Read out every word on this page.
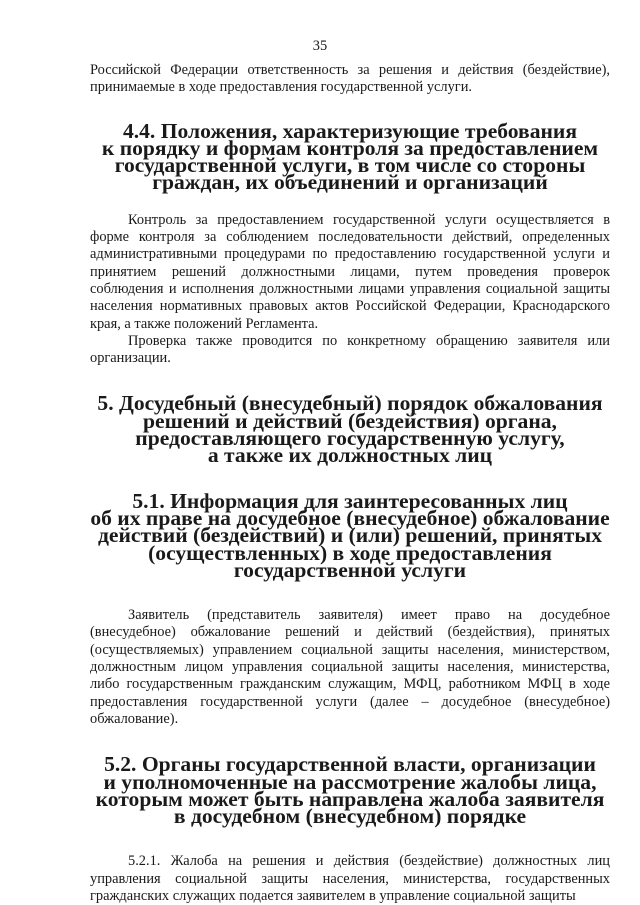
35

Российской Федерации ответственность за решения и действия (бездействие), принимаемые в ходе предоставления государственной услуги.

4.4. Положения, характеризующие требования
к порядку и формам контроля за предоставлением
государственной услуги, в том числе со стороны
граждан, их объединений и организаций

Контроль за предоставлением государственной услуги осуществляется в форме контроля за соблюдением последовательности действий, определенных административными процедурами по предоставлению государственной услуги и принятием решений должностными лицами, путем проведения проверок соблюдения и исполнения должностными лицами управления социальной защиты населения нормативных правовых актов Российской Федерации, Краснодарского края, а также положений Регламента.

Проверка также проводится по конкретному обращению заявителя или организации.

5. Досудебный (внесудебный) порядок обжалования
решений и действий (бездействия) органа,
предоставляющего государственную услугу,
а также их должностных лиц
5.1. Информация для заинтересованных лиц
об их праве на досудебное (внесудебное) обжалование
действий (бездействий) и (или) решений, принятых
(осуществленных) в ходе предоставления
государственной услуги

Заявитель (представитель заявителя) имеет право на досудебное (внесудебное) обжалование решений и действий (бездействия), принятых (осуществляемых) управлением социальной защиты населения, министерством, должностным лицом управления социальной защиты населения, министерства, либо государственным гражданским служащим, МФЦ, работником МФЦ в ходе предоставления государственной услуги (далее – досудебное (внесудебное) обжалование).

5.2. Органы государственной власти, организации
и уполномоченные на рассмотрение жалобы лица,
которым может быть направлена жалоба заявителя
в досудебном (внесудебном) порядке

5.2.1. Жалоба на решения и действия (бездействие) должностных лиц управления социальной защиты населения, министерства, государственных гражданских служащих подается заявителем в управление социальной защиты
